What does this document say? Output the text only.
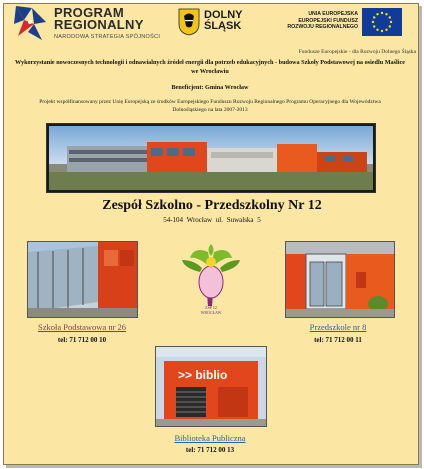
PROGRAM
REGIONALNY
NARODOWA STRATEGIA SPÓJNOŚCI
DOLNY
ŚLĄSK
UNIA EUROPEJSKA
EUROPEJSKI FUNDUSZ
ROZWOJU REGIONALNEGO
Fundusze Europejskie - dla Rozwoju Dolnego Śląska
Wykorzystanie nowoczesnych technologii i odnawialnych źródeł energii dla potrzeb edukacyjnych - budowa Szkoły Podstawowej na osiedlu Maślice we Wrocławiu
Beneficjent: Gmina Wrocław
Projekt współfinansowany przez Unię Europejską ze środków Europejskiego Funduszu Rozwoju Regionalnego Programu Operacyjnego dla Województwa Dolnośląskiego na lata 2007-2013
Zespół Szkolno - Przedszkolny Nr 12
54-104 Wrocław ul. Suwalska 5
ZSP 12
WROCŁAW
Szkoła Podstawowa nr 26
tel: 71 712 00 10
Przedszkole nr 8
tel: 71 712 00 11
>> biblio
Biblioteka Publiczna
tel: 71 712 00 13
